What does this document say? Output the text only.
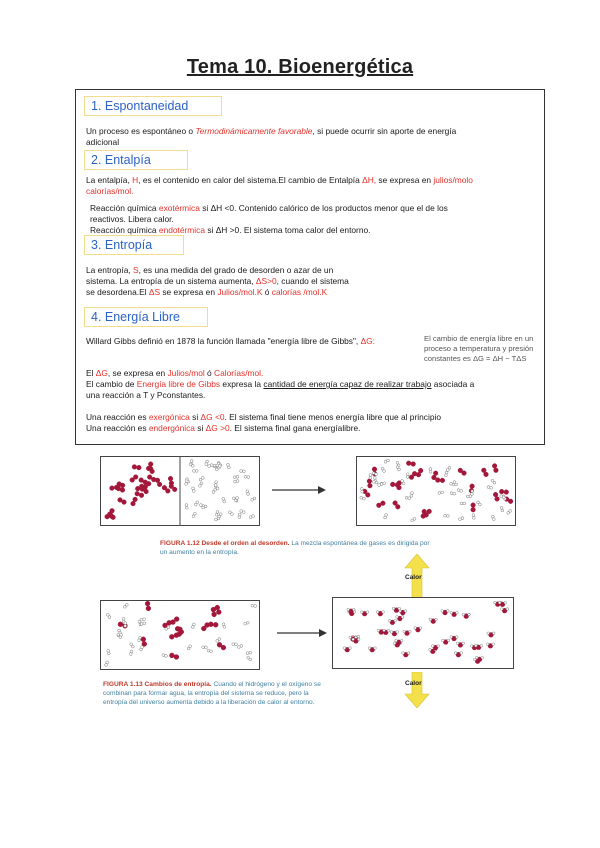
Tema 10. Bioenergética
1. Espontaneidad
Un proceso es espontáneo o Termodinámicamente favorable, si puede ocurrir sin aporte de energía
adicional
2. Entalpía
La entalpía, H, es el contenido en calor del sistema.El cambio de Entalpía ΔH, se expresa en julios/molo
calorías/mol.
Reacción química exotérmica si ΔH <0. Contenido calórico de los productos menor que el de los
reactivos. Libera calor.
Reacción química endotérmica si ΔH >0. El sistema toma calor del entorno.
3. Entropía
La entropía, S, es una medida del grado de desorden o azar de un
sistema. La entropía de un sistema aumenta, ΔS>0, cuando el sistema
se desordena.El ΔS se expresa en Julios/mol.K ó calorías /mol.K
4. Energía Libre
Willard Gibbs definió en 1878 la función llamada "energía libre de Gibbs", ΔG:	El cambio de energía libre en un
proceso a temperatura y presión
constantes es ΔG = ΔH − TΔS
El ΔG, se expresa en Julios/mol ó Calorías/mol.
El cambio de Energía libre de Gibbs expresa la cantidad de energía capaz de realizar trabajo asociada a
una reacción a T y Pconstantes.
Una reacción es exergónica si ΔG <0. El sistema final tiene menos energía libre que al principio
Una reacción es endergónica si ΔG >0. El sistema final gana energíalibre.
FIGURA 1.12 Desde el orden al desorden. La mezcla espontánea de gases es dirigida por
un aumento en la entropía.
Calor
Calor
FIGURA 1.13 Cambios de entropía. Cuando el hidrógeno y el oxígeno se
combinan para formar agua, la entropía del sistema se reduce, pero la
entropía del universo aumenta debido a la liberación de calor al entorno.
